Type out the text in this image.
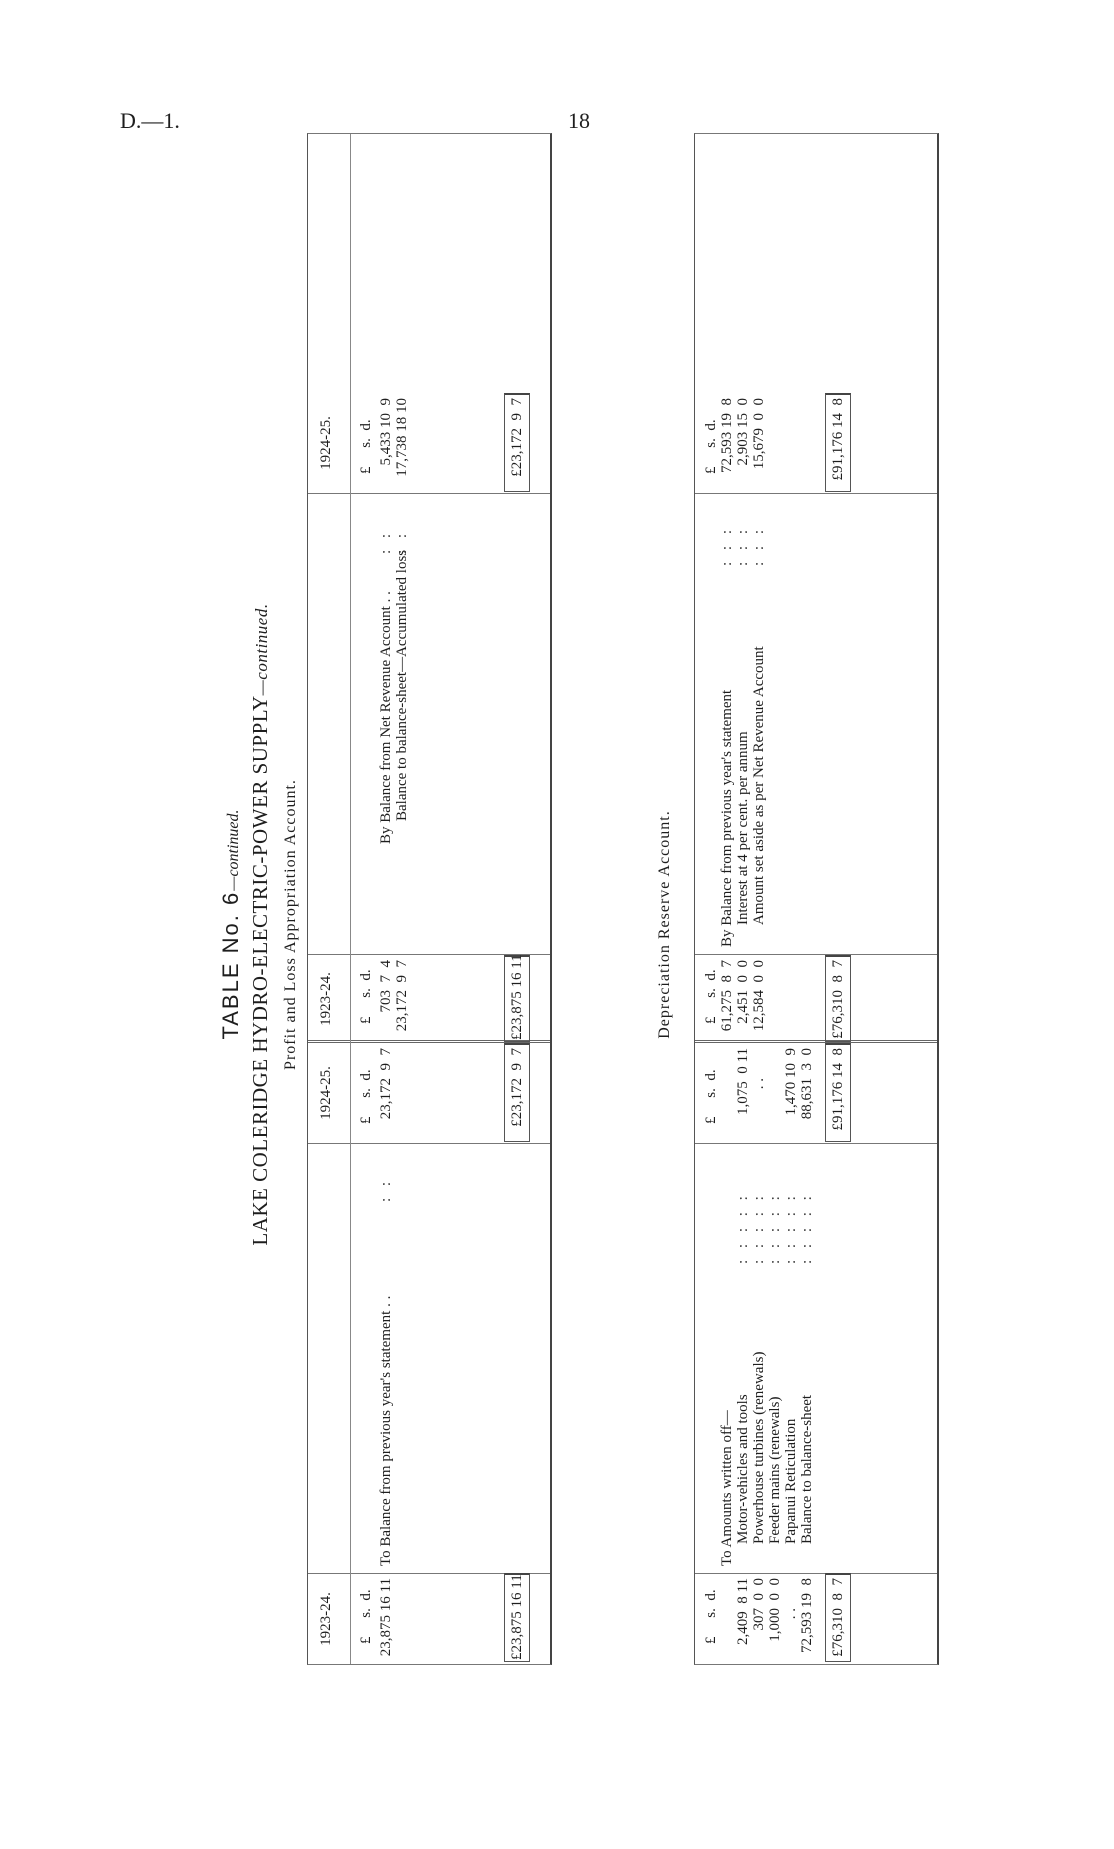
D.—1.	18
TABLE No. 6—continued. LAKE COLERIDGE HYDRO-ELECTRIC-POWER SUPPLY—continued.
Profit and Loss Appropriation Account.
1923-24.
1924-25.
1923-24.
1924-25.
£     s.  d.
£     s.  d.
£     s.  d.
£     s.  d.
23,875 16 11
To Balance from previous year's statement . .
: :
23,172  9  7
703  7  4 23,172  9  7
By Balance from Net Revenue Account . . Balance to balance-sheet—Accumulated loss
: : : :
5,433 10  9 17,738 18 10
£23,875 16 11
£23,172  9  7
£23,875 16 11
£23,172  9  7
Depreciation Reserve Account.
£     s.  d.
£     s.  d.
£     s.  d.
£     s.  d.
To Amounts written off— Motor-vehicles and tools Powerhouse turbines (renewals) Feeder mains (renewals) Papanui Reticulation Balance to balance-sheet
: : : : : : : : : : : : : : : : : : : : : : : : :
2,409  8 11 307  0  0 1,000  0  0 . . 72,593 19  8
1,075  0 11 . . 1,470 10  9 88,631  3  0
61,275  8  7 2,451  0  0 12,584  0  0
By Balance from previous year's statement Interest at 4 per cent. per annum Amount set aside as per Net Revenue Account
: : : : : : : : :
72,593 19  8 2,903 15  0 15,679  0  0
£76,310  8  7
£91,176 14  8
£76,310  8  7
£91,176 14  8
